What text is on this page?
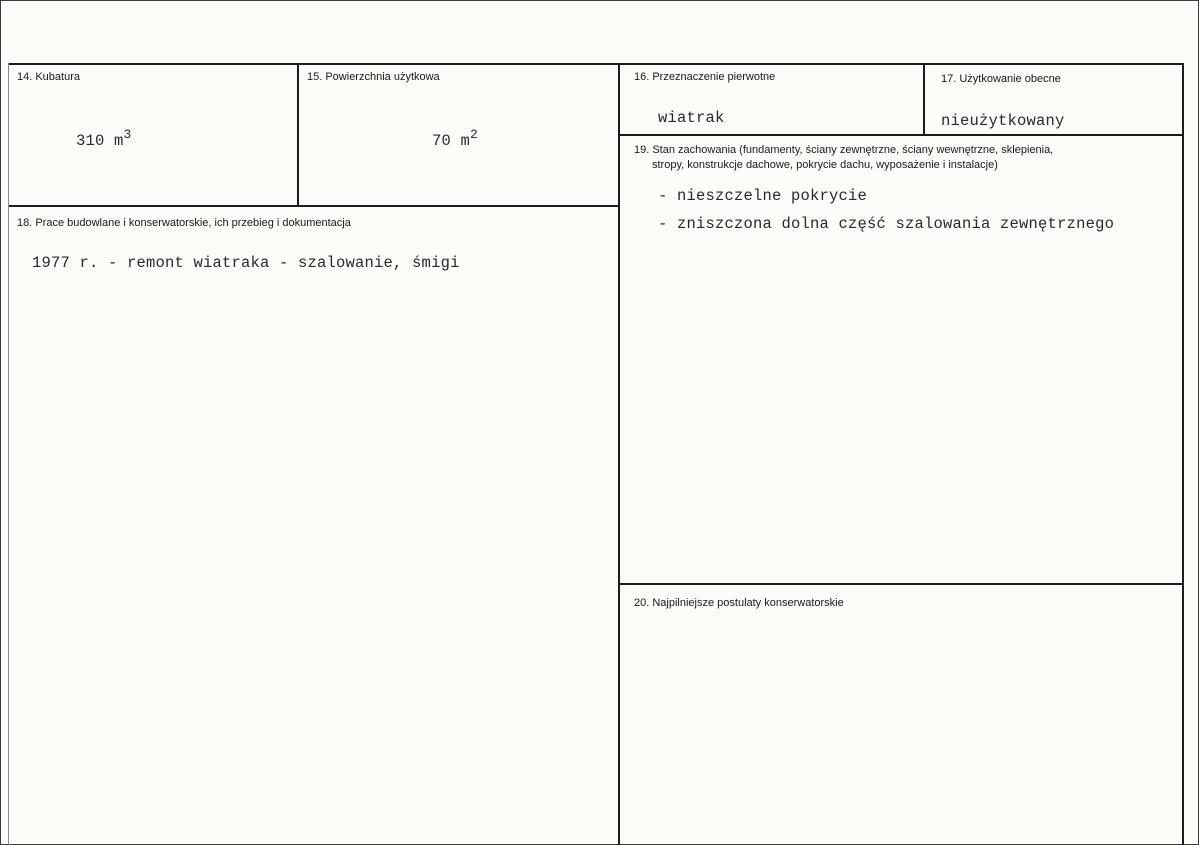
14. Kubatura
310 $m^3$
15. Powierzchnia użytkowa
70 $m^2$
16. Przeznaczenie pierwotne
wiatrak
17. Użytkowanie obecne
nieużytkowany
18. Prace budowlane i konserwatorskie, ich przebieg i dokumentacja
1977 r. - remont wiatraka - szalowanie, śmigi
19. Stan zachowania (fundamenty, ściany zewnętrzne, ściany wewnętrzne, sklepienia,
stropy, konstrukcje dachowe, pokrycie dachu, wyposażenie i instalacje)
- nieszczelne pokrycie
- zniszczona dolna część szalowania zewnętrznego
20. Najpilniejsze postulaty konserwatorskie
